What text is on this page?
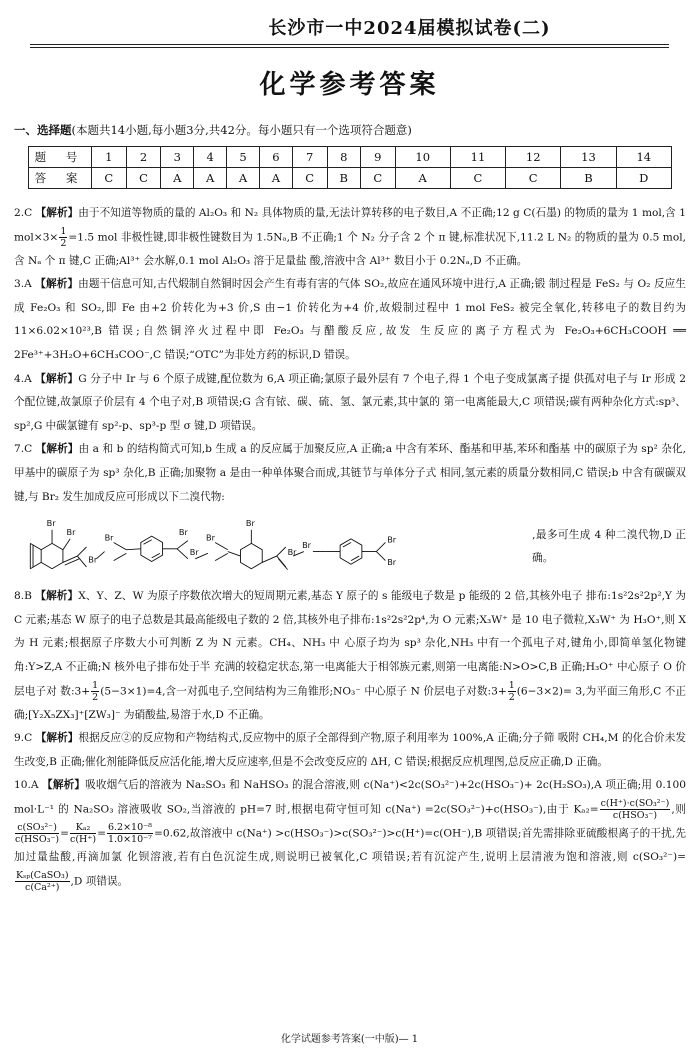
长沙市一中2024届模拟试卷(二)
化学参考答案
一、选择题(本题共14小题,每小题3分,共42分。每小题只有一个选项符合题意)
题 号	1	2	3	4	5	6	7	8	9	10	11	12	13	14
答 案	C	C	A	A	A	A	C	B	C	A	C	C	B	D

2.C 【解析】由于不知道等物质的量的 Al₂O₃ 和 N₂ 具体物质的量,无法计算转移的电子数目,A 不正确;12 g C(石墨) 的物质的量为 1 mol,含 1 $mol\times 3\times \frac{1}{2} =1.5$ mol 非极性键,即非极性键数目为 1.5Nₐ,B 不正确;1 个 N₂ 分子含 2 个 π 键,标准状况下,11.2 L N₂ 的物质的量为 0.5 mol,含 Nₐ 个 π 键,C 正确;Al³⁺ 会水解,0.1 mol Al₂O₃ 溶于足量盐 酸,溶液中含 Al³⁺ 数目小于 0.2Nₐ,D 不正确。

3.A 【解析】由题干信息可知,古代煅制自然铜时因会产生有毒有害的气体 SO₂,故应在通风环境中进行,A 正确;锻 制过程是 FeS₂ 与 O₂ 反应生成 Fe₂O₃ 和 SO₂,即 Fe 由+2 价转化为+3 价,S 由−1 价转化为+4 价,故煅制过程中 1 mol FeS₂ 被完全氧化,转移电子的数目约为 11×6.02×10²³,B 错误;自然铜淬火过程中即 Fe₂O₃ 与醋酸反应,故发 生反应的离子方程式为 Fe₂O₃+6CH₃COOH ══ 2Fe³⁺+3H₂O+6CH₃COO⁻,C 错误;“OTC”为非处方药的标识,D 错误。

4.A 【解析】G 分子中 Ir 与 6 个原子成键,配位数为 6,A 项正确;氯原子最外层有 7 个电子,得 1 个电子变成氯离子提 供孤对电子与 Ir 形成 2 个配位键,故氯原子价层有 4 个电子对,B 项错误;G 含有铱、碳、硫、氢、氯元素,其中氯的 第一电离能最大,C 项错误;碳有两种杂化方式:sp³、sp²,G 中碳氯键有 sp²-p、sp³-p 型 σ 键,D 项错误。

7.C 【解析】由 a 和 b 的结构简式可知,b 生成 a 的反应属于加聚反应,A 正确;a 中含有苯环、酯基和甲基,苯环和酯基 中的碳原子为 sp² 杂化,甲基中的碳原子为 sp³ 杂化,B 正确;加聚物 a 是由一种单体聚合而成,其链节与单体分子式 相同,氢元素的质量分数相同,C 错误;b 中含有碳碳双键,与 Br₂ 发生加成反应可形成以下二溴代物:

Br
Br
Br
Br
Br
Br
Br
Br
Br
Br
Br
Br
,最多可生成 4 种二溴代物,D 正确。

8.B 【解析】X、Y、Z、W 为原子序数依次增大的短周期元素,基态 Y 原子的 s 能级电子数是 p 能级的 2 倍,其核外电子 排布:1s²2s²2p²,Y 为 C 元素;基态 W 原子的电子总数是其最高能级电子数的 2 倍,其核外电子排布:1s²2s²2p⁴,为 O 元素;X₃W⁺ 是 10 电子微粒,X₃W⁺ 为 H₃O⁺,则 X 为 H 元素;根据原子序数大小可判断 Z 为 N 元素。CH₄、NH₃ 中 心原子均为 sp³ 杂化,NH₃ 中有一个孤电子对,键角小,即简单氢化物键角:Y>Z,A 不正确;N 核外电子排布处于半 充满的较稳定状态,第一电离能大于相邻族元素,则第一电离能:N>O>C,B 正确;H₃O⁺ 中心原子 O 价层电子对 数:3+ $\frac{1}{2} (5-3\times 1)=4$,含一对孤电子,空间结构为三角锥形;NO₃⁻ 中心原子 N 价层电子对数:3+ $\frac{1}{2} (6-3\times 2)= 3$,为平面三角形,C 不正确;[Y₂X₅ZX₃]⁺[ZW₃]⁻ 为硝酸盐,易溶于水,D 不正确。

9.C 【解析】根据反应②的反应物和产物结构式,反应物中的原子全部得到产物,原子利用率为 100%,A 正确;分子筛 吸附 CH₄,M 的化合价未发生改变,B 正确;催化剂能降低反应活化能,增大反应速率,但是不会改变反应的 ΔH, C 错误;根据反应机理图,总反应正确,D 正确。

10.A 【解析】吸收烟气后的溶液为 Na₂SO₃ 和 NaHSO₃ 的混合溶液,则 c(Na⁺)<2c(SO₃²⁻)+2c(HSO₃⁻)+ 2c(H₂SO₃),A 项正确;用 0.100 mol·L⁻¹ 的 Na₂SO₃ 溶液吸收 SO₂,当溶液的 pH=7 时,根据电荷守恒可知 c(Na⁺) =2c(SO₃²⁻)+c(HSO₃⁻),由于 $K_{a2}= \frac{\text{c(H⁺)·c(SO₃²⁻)}}{\text{c(HSO₃⁻)}}$ ,则
$\frac{\text{c(SO₃²⁻)}}{\text{c(HSO₃⁻)}} = \frac{\text{Kₐ₂}}{c(H^+)} = \frac{\text{6.2×10⁻⁸}}{\text{1.0×10⁻⁷}} =0.62$,故溶液中 c(Na⁺) >c(HSO₃⁻)>c(SO₃²⁻)>c(H⁺)=c(OH⁻),B 项错误;首先需排除亚硫酸根离子的干扰,先加过量盐酸,再滴加氯 化钡溶液,若有白色沉淀生成,则说明已被氧化,C 项错误;若有沉淀产生,说明上层清液为饱和溶液,则 c(SO₃²⁻)=
$\frac{\text{Kₛₚ(CaSO₃)}}{\text{c(Ca²⁺)}} ,D$ 项错误。

化学试题参考答案(一中版)— 1
